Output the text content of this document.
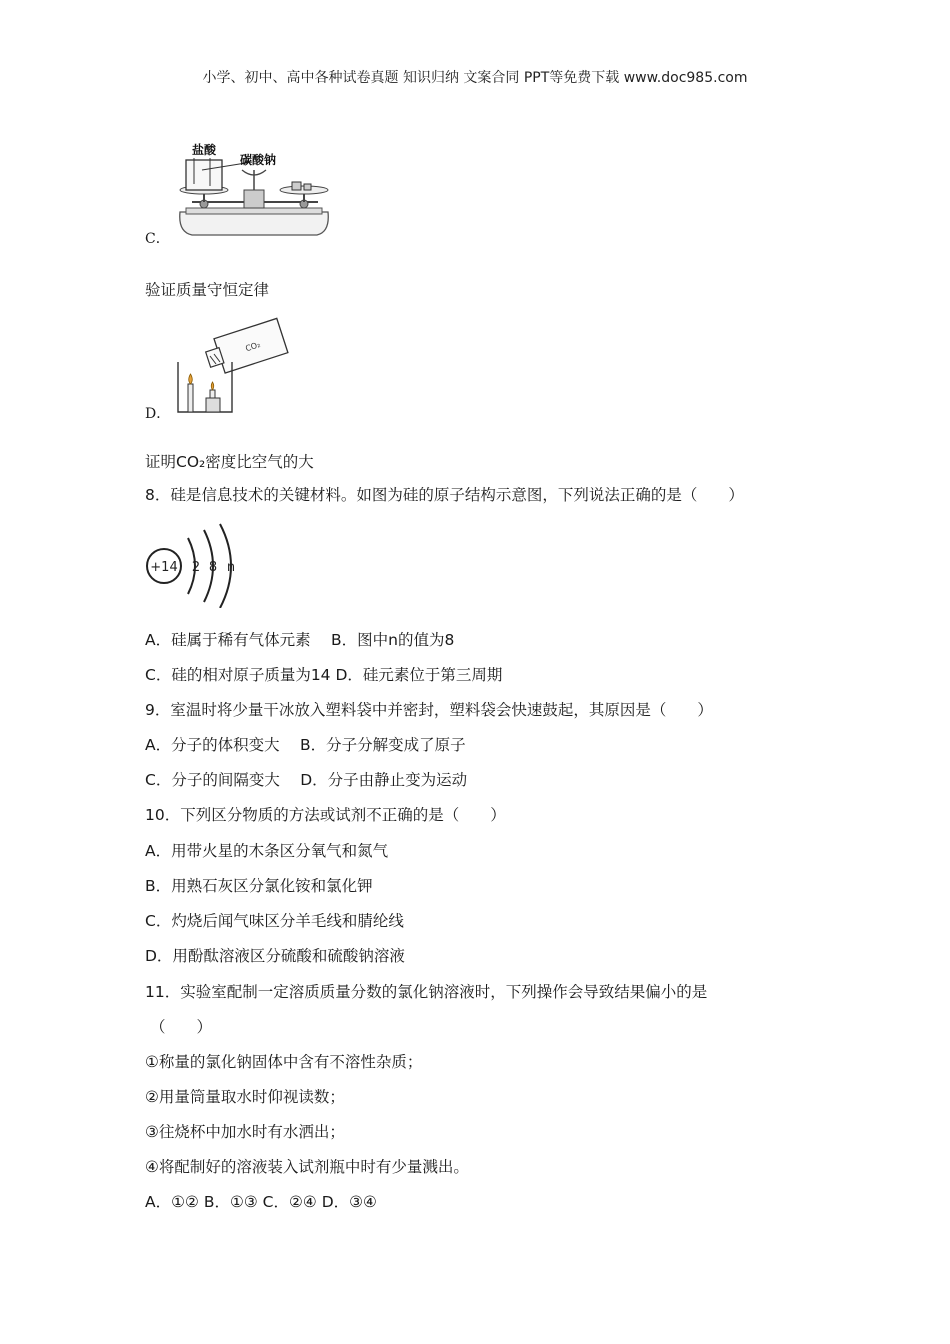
小学、初中、高中各种试卷真题 知识归纳 文案合同 PPT等免费下载 www.doc985.com
C．
盐酸
碳酸钠
验证质量守恒定律
D．
CO₂
证明CO₂密度比空气的大
8．硅是信息技术的关键材料。如图为硅的原子结构示意图，下列说法正确的是（　　）
+14 2 8 n
A．硅属于稀有气体元素　 B．图中n的值为8
C．硅的相对原子质量为14 D．硅元素位于第三周期
9．室温时将少量干冰放入塑料袋中并密封，塑料袋会快速鼓起，其原因是（　　）
A．分子的体积变大　 B．分子分解变成了原子
C．分子的间隔变大　 D．分子由静止变为运动
10．下列区分物质的方法或试剂不正确的是（　　）
A．用带火星的木条区分氧气和氮气
B．用熟石灰区分氯化铵和氯化钾
C．灼烧后闻气味区分羊毛线和腈纶线
D．用酚酞溶液区分硫酸和硫酸钠溶液
11．实验室配制一定溶质质量分数的氯化钠溶液时，下列操作会导致结果偏小的是
（　　）
①称量的氯化钠固体中含有不溶性杂质；
②用量筒量取水时仰视读数；
③往烧杯中加水时有水洒出；
④将配制好的溶液装入试剂瓶中时有少量溅出。
A．①② B．①③ C．②④ D．③④
